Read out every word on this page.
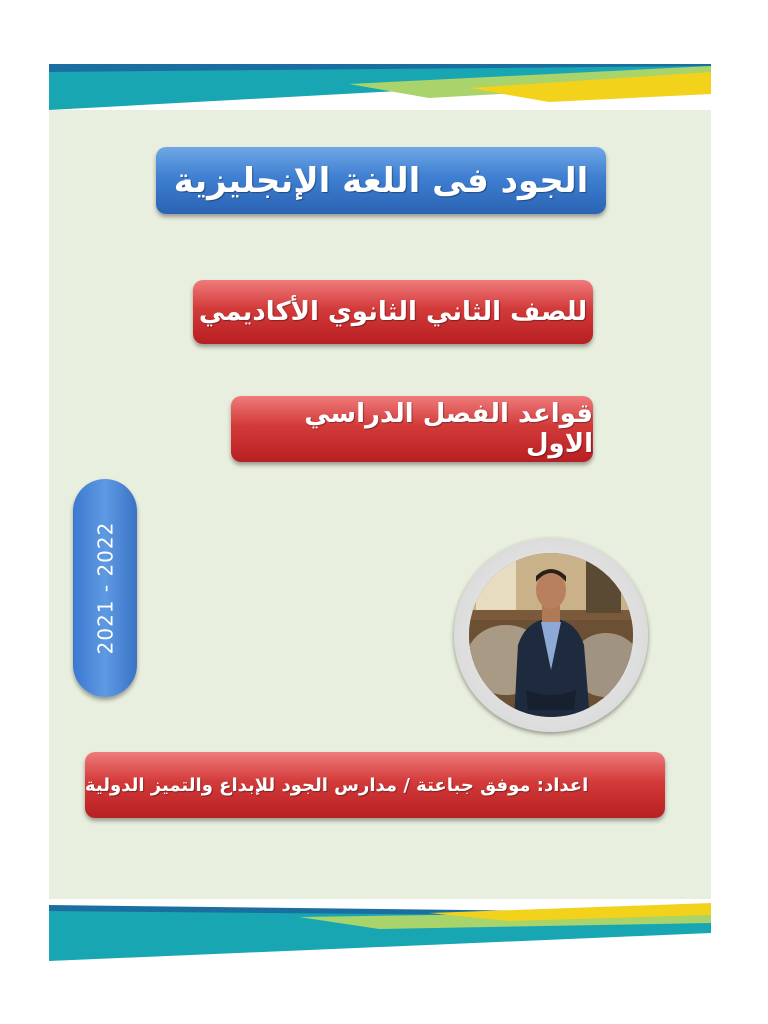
الجود فى اللغة الإنجليزية
للصف الثاني الثانوي الأكاديمي
قواعد الفصل الدراسي الاول
2021 - 2022
اعداد: موفق جباعتة / مدارس الجود للإبداع والتميز الدولية
